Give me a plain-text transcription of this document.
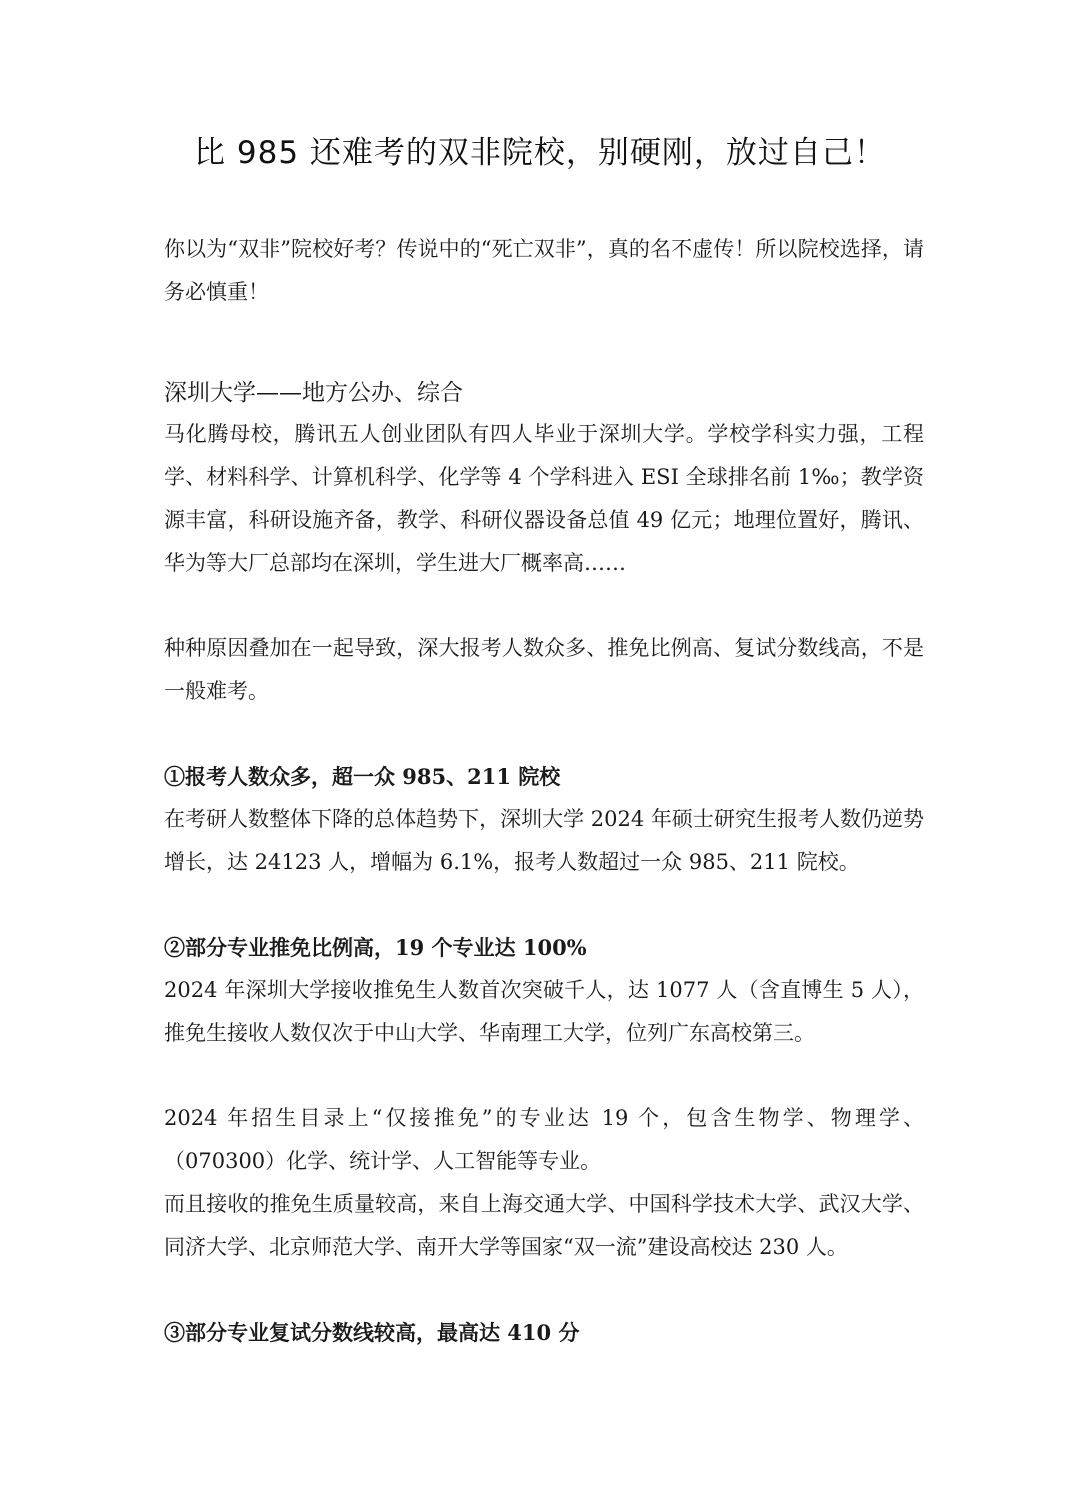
比 985 还难考的双非院校，别硬刚，放过自己！

你以为“双非”院校好考？传说中的“死亡双非”，真的名不虚传！所以院校选择，请务必慎重！

深圳大学——地方公办、综合

马化腾母校，腾讯五人创业团队有四人毕业于深圳大学。学校学科实力强，工程学、材料科学、计算机科学、化学等 4 个学科进入 ESI 全球排名前 1‰；教学资源丰富，科研设施齐备，教学、科研仪器设备总值 49 亿元；地理位置好，腾讯、华为等大厂总部均在深圳，学生进大厂概率高……

种种原因叠加在一起导致，深大报考人数众多、推免比例高、复试分数线高，不是一般难考。

①报考人数众多，超一众 985、211 院校

在考研人数整体下降的总体趋势下，深圳大学 2024 年硕士研究生报考人数仍逆势增长，达 24123 人，增幅为 6.1%，报考人数超过一众 985、211 院校。

②部分专业推免比例高，19 个专业达 100%

2024 年深圳大学接收推免生人数首次突破千人，达 1077 人（含直博生 5 人），推免生接收人数仅次于中山大学、华南理工大学，位列广东高校第三。

2024 年招生目录上“仅接推免”的专业达 19 个，包含生物学、物理学、（070300）化学、统计学、人工智能等专业。

而且接收的推免生质量较高，来自上海交通大学、中国科学技术大学、武汉大学、同济大学、北京师范大学、南开大学等国家“双一流”建设高校达 230 人。

③部分专业复试分数线较高，最高达 410 分
